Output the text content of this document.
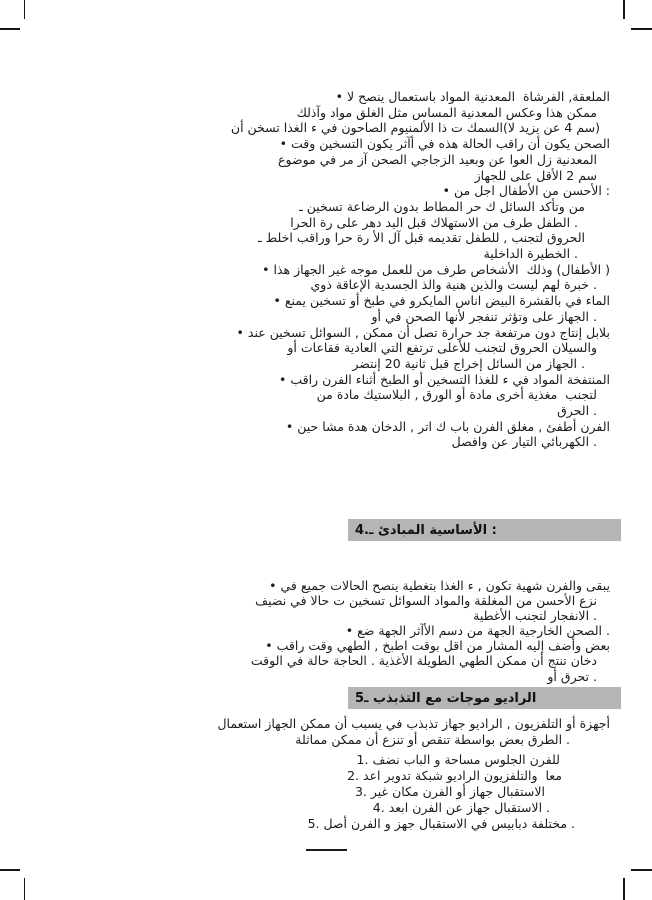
• ‎لا ‎ينصح ‎باستعمال ‎المواد ‎المعدنية ‎ ‎الفرشاة ‎,الملعقة
وآذلك ‎مواد ‎الغلق ‎مثل ‎المساس ‎المعدنية ‎وعكس ‎هذا ‎ممكن
أن ‎تسخن ‎الغذا ‎ء ‎في ‎الصاحون ‎الألمنيوم ‎ذا ‎ت ‎السمك(لا ‎يزيد ‎عن ‎4 ‎سم)
• ‎وقت ‎التسخين ‎يكون ‎أآثر ‎في ‎هذه ‎الحالة ‎راقب ‎أن ‎يكون ‎الصحن
موضوع ‎في ‎مر ‎آز ‎الصحن ‎الزجاجي ‎وبعيد ‎عن ‎العوا ‎زل ‎المعدنية
للجهاز ‎على ‎الأقل ‎2 ‎سم
• ‎من ‎اجل ‎الأطفال ‎من ‎الأحسن ‎:
ـ ‎تسخين ‎الرضاعة ‎بدون ‎المطاط ‎حر ‎ك ‎السائل ‎وتأكد ‎من
الحرا ‎رة ‎على ‎دهر ‎اليد ‎قبل ‎الاستهلاك ‎من ‎طرف ‎الطفل ‎.
ـ ‎اخلط ‎وراقب ‎حرا ‎رة ‎الأ ‎آل ‎قبل ‎تقديمه ‎للطفل ‎, ‎لتجنب ‎الحروق
الداخلية ‎الخطيرة ‎.
• ‎هذا ‎الجهاز ‎غير ‎موجه ‎للعمل ‎من ‎طرف ‎الأشخاص ‎ ‎وذلك ‎(الأطفال ‎)
ذوي ‎الإعاقة ‎الجسدية ‎والذ ‎هنية ‎والذين ‎ليست ‎لهم ‎خبرة ‎.
• ‎يمنع ‎تسخين ‎أو ‎طبخ ‎في ‎المايكرو ‎اناس ‎البيض ‎بالقشرة ‎في ‎الماء
أو ‎في ‎الصحن ‎لأنها ‎تنفجر ‎وتؤثر ‎على ‎الجهاز ‎.
• ‎عند ‎تسخين ‎السوائل ‎, ‎ممكن ‎أن ‎تصل ‎حرارة ‎جد ‎مرتفعة ‎دون ‎إنتاج ‎بلابل
أو ‎فقاعات ‎العادية ‎التي ‎ترتفع ‎للأعلى ‎لتجنب ‎الحروق ‎والسيلان
إنتضر ‎20 ‎ثانية ‎قبل ‎إخراج ‎السائل ‎من ‎الجهاز ‎.
• ‎راقب ‎الفرن ‎أثناء ‎الطبخ ‎أو ‎التسخين ‎للغذا ‎ء ‎في ‎المواد ‎المنتفخة
من ‎مادة ‎البلاستيك ‎, ‎الورق ‎أو ‎مادة ‎أخرى ‎مغذية ‎ ‎لتجنب
الحرق ‎.
• ‎حين ‎مشا ‎هدة ‎الدخان ‎, ‎اتر ‎ك ‎باب ‎الفرن ‎مغلق ‎, ‎أطفئ ‎الفرن
وافصل ‎عن ‎التيار ‎الكهربائي ‎.
4.ـ ‎المبادئ ‎الأساسية ‎:
• ‎في ‎جميع ‎الحالات ‎ينصح ‎بتغطية ‎الغذا ‎ء ‎, ‎تكون ‎شهية ‎والفرن ‎يبقى
نضيف ‎في ‎حالا ‎ت ‎تسخين ‎السوائل ‎والمواد ‎المغلقة ‎من ‎الأحسن ‎نزع
الأغطية ‎لتجنب ‎الانفجار ‎.
• ‎ضع ‎الجهة ‎الأآثر ‎دسم ‎من ‎الجهة ‎الخارجية ‎الصحن ‎.
• ‎راقب ‎وقت ‎الطهي ‎, ‎اطبخ ‎بوقت ‎اقل ‎من ‎المشار ‎إليه ‎وأضف ‎بعض
الوقت ‎في ‎حالة ‎الحاجة ‎. ‎الأغذية ‎الطويلة ‎الطهي ‎ممكن ‎أن ‎تنتج ‎دخان
أو ‎تحرق ‎.
5ـ ‎التذبذب ‎مع ‎موجات ‎الراديو
استعمال ‎الجهاز ‎ممكن ‎أن ‎يسبب ‎في ‎تذبذب ‎جهاز ‎الراديو ‎, ‎التلفزيون ‎أو ‎أجهزة
مماثلة ‎ممكن ‎أن ‎تنزع ‎أو ‎تنقص ‎بواسطة ‎بعض ‎الطرق ‎.
1. ‎نضف ‎الباب ‎و ‎مساحة ‎الجلوس ‎للفرن
2. ‎اعد ‎تدوير ‎شبكة ‎الراديو ‎والتلفزيون ‎ ‎معا
3. ‎غير ‎مكان ‎الفرن ‎أو ‎جهاز ‎الاستقبال
4. ‎ابعد ‎الفرن ‎عن ‎جهاز ‎الاستقبال ‎.
5. ‎أصل ‎الفرن ‎و ‎جهز ‎الاستقبال ‎في ‎دبابيس ‎مختلفة ‎.
